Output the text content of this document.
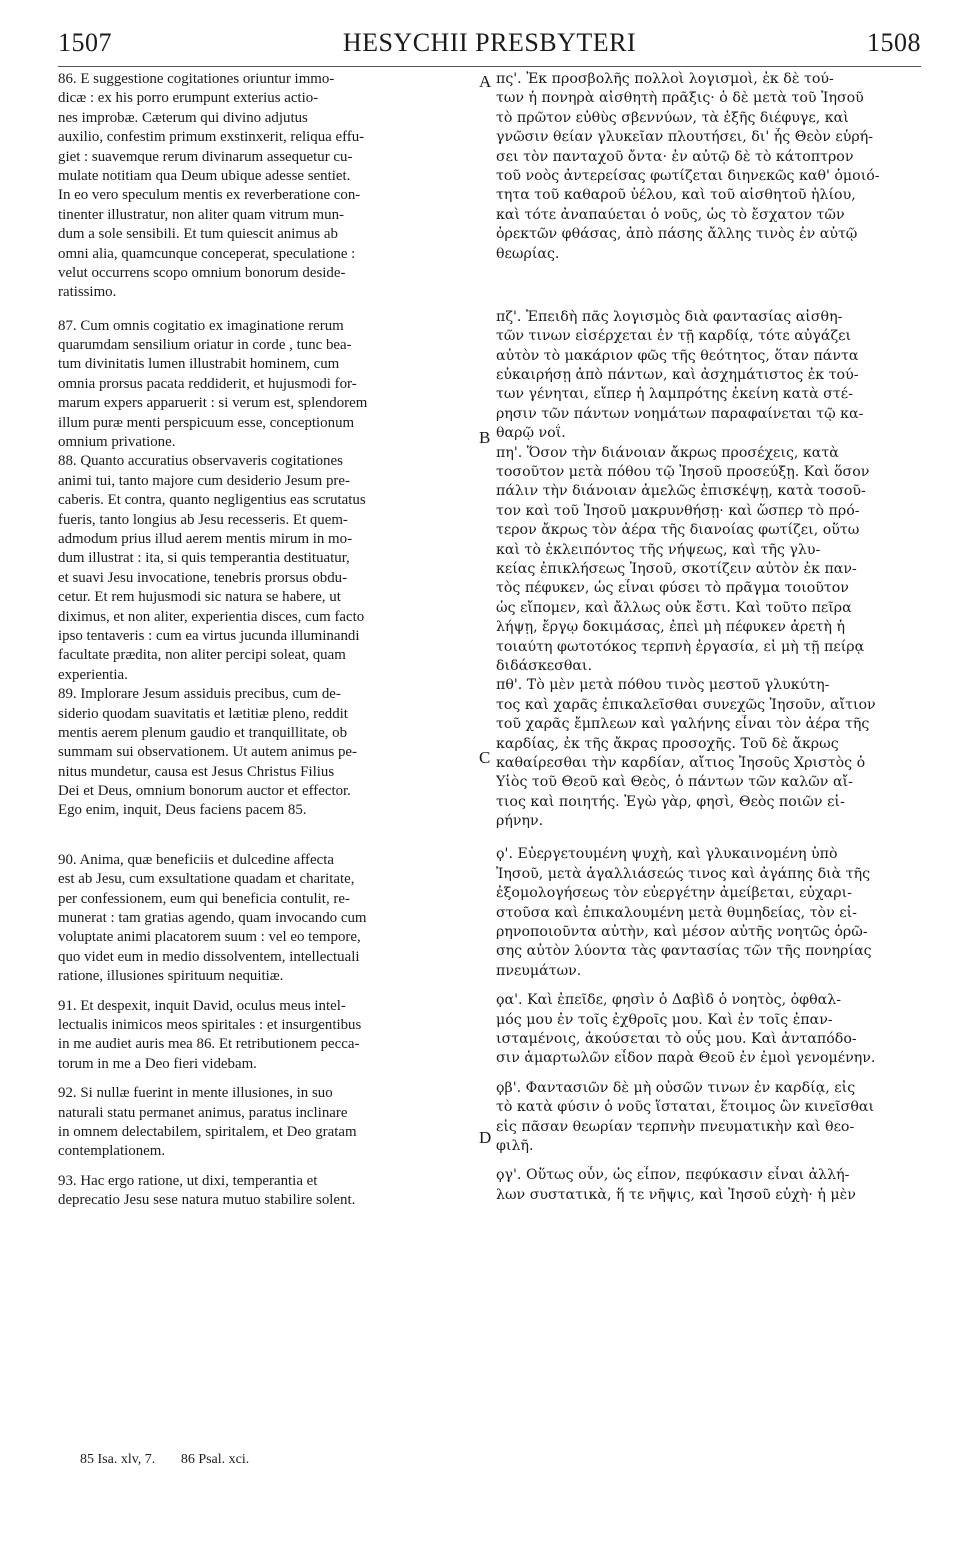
1507	HESYCHII PRESBYTERI	1508
86. E suggestione cogitationes oriuntur immo-
dicæ : ex his porro erumpunt exterius actio-
nes improbæ. Cæterum qui divino adjutus
auxilio, confestim primum exstinxerit, reliqua effu-
giet : suavemque rerum divinarum assequetur cu-
mulate notitiam qua Deum ubique adesse sentiet.
In eo vero speculum mentis ex reverberatione con-
tinenter illustratur, non aliter quam vitrum mun-
dum a sole sensibili. Et tum quiescit animus ab
omni alia, quamcunque conceperat, speculatione :
velut occurrens scopo omnium bonorum deside-
ratissimo.
87. Cum omnis cogitatio ex imaginatione rerum
quarumdam sensilium oriatur in corde , tunc bea-
tum divinitatis lumen illustrabit hominem, cum
omnia prorsus pacata reddiderit, et hujusmodi for-
marum expers apparuerit : si verum est, splendorem
illum puræ menti perspicuum esse, conceptionum
omnium privatione.
88. Quanto accuratius observaveris cogitationes
animi tui, tanto majore cum desiderio Jesum pre-
caberis. Et contra, quanto negligentius eas scrutatus
fueris, tanto longius ab Jesu recesseris. Et quem-
admodum prius illud aerem mentis mirum in mo-
dum illustrat : ita, si quis temperantia destituatur,
et suavi Jesu invocatione, tenebris prorsus obdu-
cetur. Et rem hujusmodi sic natura se habere, ut
diximus, et non aliter, experientia disces, cum facto
ipso tentaveris : cum ea virtus jucunda illuminandi
facultate prædita, non aliter percipi soleat, quam
experientia.
89. Implorare Jesum assiduis precibus, cum de-
siderio quodam suavitatis et lætitiæ pleno, reddit
mentis aerem plenum gaudio et tranquillitate, ob
summam sui observationem. Ut autem animus pe-
nitus mundetur, causa est Jesus Christus Filius
Dei et Deus, omnium bonorum auctor et effector.
Ego enim, inquit, Deus faciens pacem 85.
90. Anima, quæ beneficiis et dulcedine affecta
est ab Jesu, cum exsultatione quadam et charitate,
per confessionem, eum qui beneficia contulit, re-
munerat : tam gratias agendo, quam invocando cum
voluptate animi placatorem suum : vel eo tempore,
quo videt eum in medio dissolventem, intellectuali
ratione, illusiones spirituum nequitiæ.
91. Et despexit, inquit David, oculus meus intel-
lectualis inimicos meos spiritales : et insurgentibus
in me audiet auris mea 86. Et retributionem pecca-
torum in me a Deo fieri videbam.
92. Si nullæ fuerint in mente illusiones, in suo
naturali statu permanet animus, paratus inclinare
in omnem delectabilem, spiritalem, et Deo gratam
contemplationem.
93. Hac ergo ratione, ut dixi, temperantia et
deprecatio Jesu sese natura mutuo stabilire solent.
A
B
C
D
πς'. Ἐκ προσβολῆς πολλοὶ λογισμοὶ, ἐκ δὲ τού-
των ἡ πονηρὰ αἰσθητὴ πρᾶξις· ὁ δὲ μετὰ τοῦ Ἰησοῦ
τὸ πρῶτον εὐθὺς σβεννύων, τὰ ἐξῆς διέφυγε, καὶ
γνῶσιν θείαν γλυκεῖαν πλουτήσει, δι' ἧς Θεὸν εὑρή-
σει τὸν πανταχοῦ ὄντα· ἐν αὐτῷ δὲ τὸ κάτοπτρον
τοῦ νοὸς ἀντερείσας φωτίζεται διηνεκῶς καθ' ὁμοιό-
τητα τοῦ καθαροῦ ὑέλου, καὶ τοῦ αἰσθητοῦ ἡλίου,
καὶ τότε ἀναπαύεται ὁ νοῦς, ὡς τὸ ἔσχατον τῶν
ὀρεκτῶν φθάσας, ἀπὸ πάσης ἄλλης τινὸς ἐν αὐτῷ
θεωρίας.
πζ'. Ἐπειδὴ πᾶς λογισμὸς διὰ φαντασίας αἰσθη-
τῶν τινων εἰσέρχεται ἐν τῇ καρδίᾳ, τότε αὐγάζει
αὐτὸν τὸ μακάριον φῶς τῆς θεότητος, ὅταν πάντα
εὐκαιρήσῃ ἀπὸ πάντων, καὶ ἀσχημάτιστος ἐκ τού-
των γένηται, εἴπερ ἡ λαμπρότης ἐκείνη κατὰ στέ-
ρησιν τῶν πάντων νοημάτων παραφαίνεται τῷ κα-
θαρῷ νοΐ.
πη'. Ὅσον τὴν διάνοιαν ἄκρως προσέχεις, κατὰ
τοσοῦτον μετὰ πόθου τῷ Ἰησοῦ προσεύξῃ. Καὶ ὅσον
πάλιν τὴν διάνοιαν ἀμελῶς ἐπισκέψῃ, κατὰ τοσοῦ-
τον καὶ τοῦ Ἰησοῦ μακρυνθήσῃ· καὶ ὥσπερ τὸ πρό-
τερον ἄκρως τὸν ἀέρα τῆς διανοίας φωτίζει, οὕτω
καὶ τὸ ἐκλειπόντος τῆς νήψεως, καὶ τῆς γλυ-
κείας ἐπικλήσεως Ἰησοῦ, σκοτίζειν αὐτὸν ἐκ παν-
τὸς πέφυκεν, ὡς εἶναι φύσει τὸ πρᾶγμα τοιοῦτον
ὡς εἴπομεν, καὶ ἄλλως οὐκ ἔστι. Καὶ τοῦτο πεῖρα
λήψῃ, ἔργῳ δοκιμάσας, ἐπεὶ μὴ πέφυκεν ἀρετὴ ἡ
τοιαύτη φωτοτόκος τερπνὴ ἐργασία, εἰ μὴ τῇ πείρᾳ
διδάσκεσθαι.
πθ'. Τὸ μὲν μετὰ πόθου τινὸς μεστοῦ γλυκύτη-
τος καὶ χαρᾶς ἐπικαλεῖσθαι συνεχῶς Ἰησοῦν, αἴτιον
τοῦ χαρᾶς ἔμπλεων καὶ γαλήνης εἶναι τὸν ἀέρα τῆς
καρδίας, ἐκ τῆς ἄκρας προσοχῆς. Τοῦ δὲ ἄκρως
καθαίρεσθαι τὴν καρδίαν, αἴτιος Ἰησοῦς Χριστὸς ὁ
Υἱὸς τοῦ Θεοῦ καὶ Θεὸς, ὁ πάντων τῶν καλῶν αἴ-
τιος καὶ ποιητής. Ἐγὼ γὰρ, φησὶ, Θεὸς ποιῶν εἰ-
ρήνην.
ϙ'. Εὐεργετουμένη ψυχὴ, καὶ γλυκαινομένη ὑπὸ
Ἰησοῦ, μετὰ ἀγαλλιάσεώς τινος καὶ ἀγάπης διὰ τῆς
ἐξομολογήσεως τὸν εὐεργέτην ἀμείβεται, εὐχαρι-
στοῦσα καὶ ἐπικαλουμένη μετὰ θυμηδείας, τὸν εἰ-
ρηνοποιοῦντα αὐτὴν, καὶ μέσον αὐτῆς νοητῶς ὁρῶ-
σης αὐτὸν λύοντα τὰς φαντασίας τῶν τῆς πονηρίας
πνευμάτων.
ϙα'. Καὶ ἐπεῖδε, φησὶν ὁ Δαβὶδ ὁ νοητὸς, ὀφθαλ-
μός μου ἐν τοῖς ἐχθροῖς μου. Καὶ ἐν τοῖς ἐπαν-
ισταμένοις, ἀκούσεται τὸ οὖς μου. Καὶ ἀνταπόδο-
σιν ἁμαρτωλῶν εἶδον παρὰ Θεοῦ ἐν ἐμοὶ γενομένην.
ϙβ'. Φαντασιῶν δὲ μὴ οὐσῶν τινων ἐν καρδίᾳ, εἰς
τὸ κατὰ φύσιν ὁ νοῦς ἵσταται, ἕτοιμος ὢν κινεῖσθαι
εἰς πᾶσαν θεωρίαν τερπνὴν πνευματικὴν καὶ θεο-
φιλῆ.
ϙγ'. Οὕτως οὖν, ὡς εἶπον, πεφύκασιν εἶναι ἀλλή-
λων συστατικὰ, ἥ τε νῆψις, καὶ Ἰησοῦ εὐχὴ· ἡ μὲν
85 Isa. xlv, 7. 86 Psal. xci.
